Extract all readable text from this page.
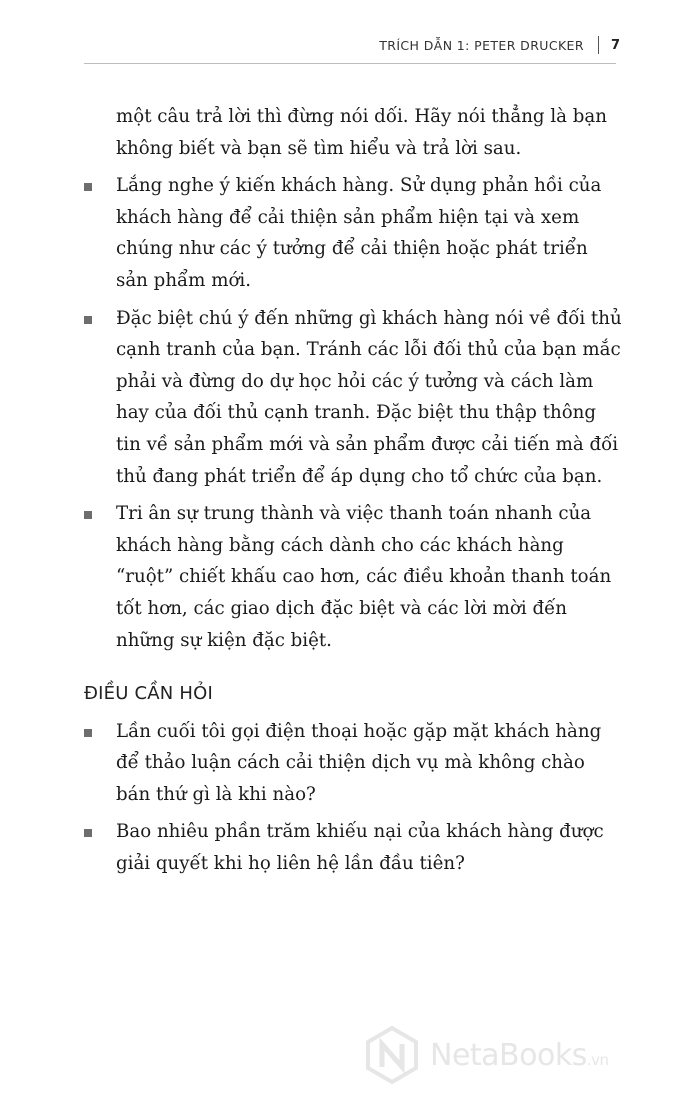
TRÍCH DẪN 1: PETER DRUCKER 7

một câu trả lời thì đừng nói dối. Hãy nói thẳng là bạn không biết và bạn sẽ tìm hiểu và trả lời sau.

Lắng nghe ý kiến khách hàng. Sử dụng phản hồi của khách hàng để cải thiện sản phẩm hiện tại và xem chúng như các ý tưởng để cải thiện hoặc phát triển sản phẩm mới.
Đặc biệt chú ý đến những gì khách hàng nói về đối thủ cạnh tranh của bạn. Tránh các lỗi đối thủ của bạn mắc phải và đừng do dự học hỏi các ý tưởng và cách làm hay của đối thủ cạnh tranh. Đặc biệt thu thập thông tin về sản phẩm mới và sản phẩm được cải tiến mà đối thủ đang phát triển để áp dụng cho tổ chức của bạn.
Tri ân sự trung thành và việc thanh toán nhanh của khách hàng bằng cách dành cho các khách hàng “ruột” chiết khấu cao hơn, các điều khoản thanh toán tốt hơn, các giao dịch đặc biệt và các lời mời đến những sự kiện đặc biệt.
ĐIỀU CẦN HỎI
Lần cuối tôi gọi điện thoại hoặc gặp mặt khách hàng để thảo luận cách cải thiện dịch vụ mà không chào bán thứ gì là khi nào?
Bao nhiêu phần trăm khiếu nại của khách hàng được giải quyết khi họ liên hệ lần đầu tiên?
NetaBooks.vn
